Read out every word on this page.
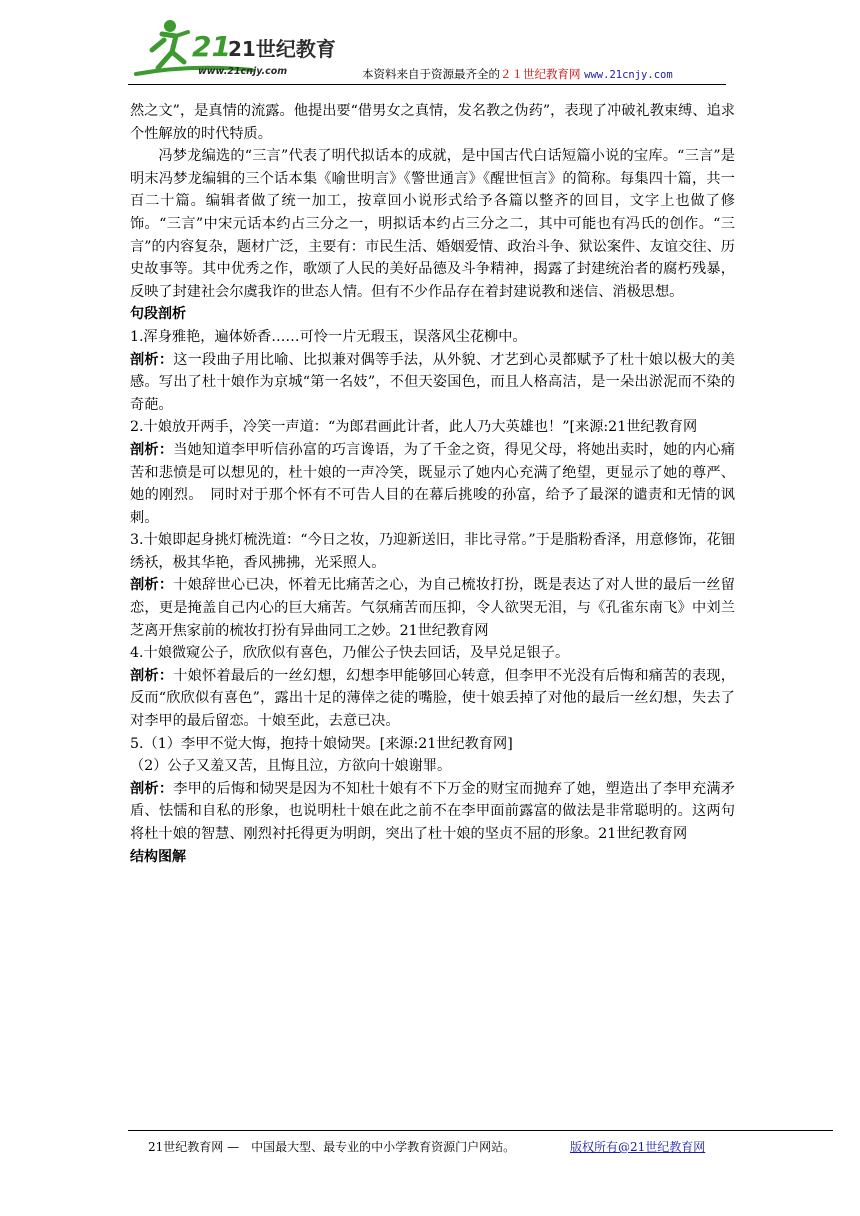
21
21世纪教育
www.21cnjy.com	本资料来自于资源最齐全的２１世纪教育网 www.21cnjy.com

然之文”，是真情的流露。他提出要“借男女之真情，发名教之伪药”，表现了冲破礼教束缚、追求个性解放的时代特质。

冯梦龙编选的“三言”代表了明代拟话本的成就，是中国古代白话短篇小说的宝库。“三言”是明末冯梦龙编辑的三个话本集《喻世明言》《警世通言》《醒世恒言》的简称。每集四十篇，共一百二十篇。编辑者做了统一加工，按章回小说形式给予各篇以整齐的回目，文字上也做了修饰。“三言”中宋元话本约占三分之一，明拟话本约占三分之二，其中可能也有冯氏的创作。“三言”的内容复杂，题材广泛，主要有：市民生活、婚姻爱情、政治斗争、狱讼案件、友谊交往、历史故事等。其中优秀之作，歌颂了人民的美好品德及斗争精神，揭露了封建统治者的腐朽残暴，反映了封建社会尔虞我诈的世态人情。但有不少作品存在着封建说教和迷信、消极思想。

句段剖析

1.浑身雅艳，遍体娇香……可怜一片无瑕玉，误落风尘花柳中。

剖析：这一段曲子用比喻、比拟兼对偶等手法，从外貌、才艺到心灵都赋予了杜十娘以极大的美感。写出了杜十娘作为京城“第一名妓”，不但天姿国色，而且人格高洁，是一朵出淤泥而不染的奇葩。

2.十娘放开两手，冷笑一声道：“为郎君画此计者，此人乃大英雄也！”[来源:21世纪教育网

剖析：当她知道李甲听信孙富的巧言谗语，为了千金之资，得见父母，将她出卖时，她的内心痛苦和悲愤是可以想见的，杜十娘的一声冷笑，既显示了她内心充满了绝望，更显示了她的尊严、她的刚烈。　同时对于那个怀有不可告人目的在幕后挑唆的孙富，给予了最深的谴责和无情的讽刺。

3.十娘即起身挑灯梳洗道：“今日之妆，乃迎新送旧，非比寻常。”于是脂粉香泽，用意修饰，花钿绣袄，极其华艳，香风拂拂，光采照人。

剖析：十娘辞世心已决，怀着无比痛苦之心，为自己梳妆打扮，既是表达了对人世的最后一丝留恋，更是掩盖自己内心的巨大痛苦。气氛痛苦而压抑，令人欲哭无泪，与《孔雀东南飞》中刘兰芝离开焦家前的梳妆打扮有异曲同工之妙。21世纪教育网

4.十娘微窥公子，欣欣似有喜色，乃催公子快去回话，及早兑足银子。

剖析：十娘怀着最后的一丝幻想，幻想李甲能够回心转意，但李甲不光没有后悔和痛苦的表现，反而“欣欣似有喜色”，露出十足的薄倖之徒的嘴脸，使十娘丢掉了对他的最后一丝幻想，失去了对李甲的最后留恋。十娘至此，去意已决。

5.（1）李甲不觉大悔，抱持十娘恸哭。[来源:21世纪教育网]

（2）公子又羞又苦，且悔且泣，方欲向十娘谢罪。

剖析：李甲的后悔和恸哭是因为不知杜十娘有不下万金的财宝而抛弃了她，塑造出了李甲充满矛盾、怯懦和自私的形象，也说明杜十娘在此之前不在李甲面前露富的做法是非常聪明的。这两句将杜十娘的智慧、刚烈衬托得更为明朗，突出了杜十娘的坚贞不屈的形象。21世纪教育网

结构图解

21世纪教育网 —　中国最大型、最专业的中小学教育资源门户网站。	版权所有@21世纪教育网
